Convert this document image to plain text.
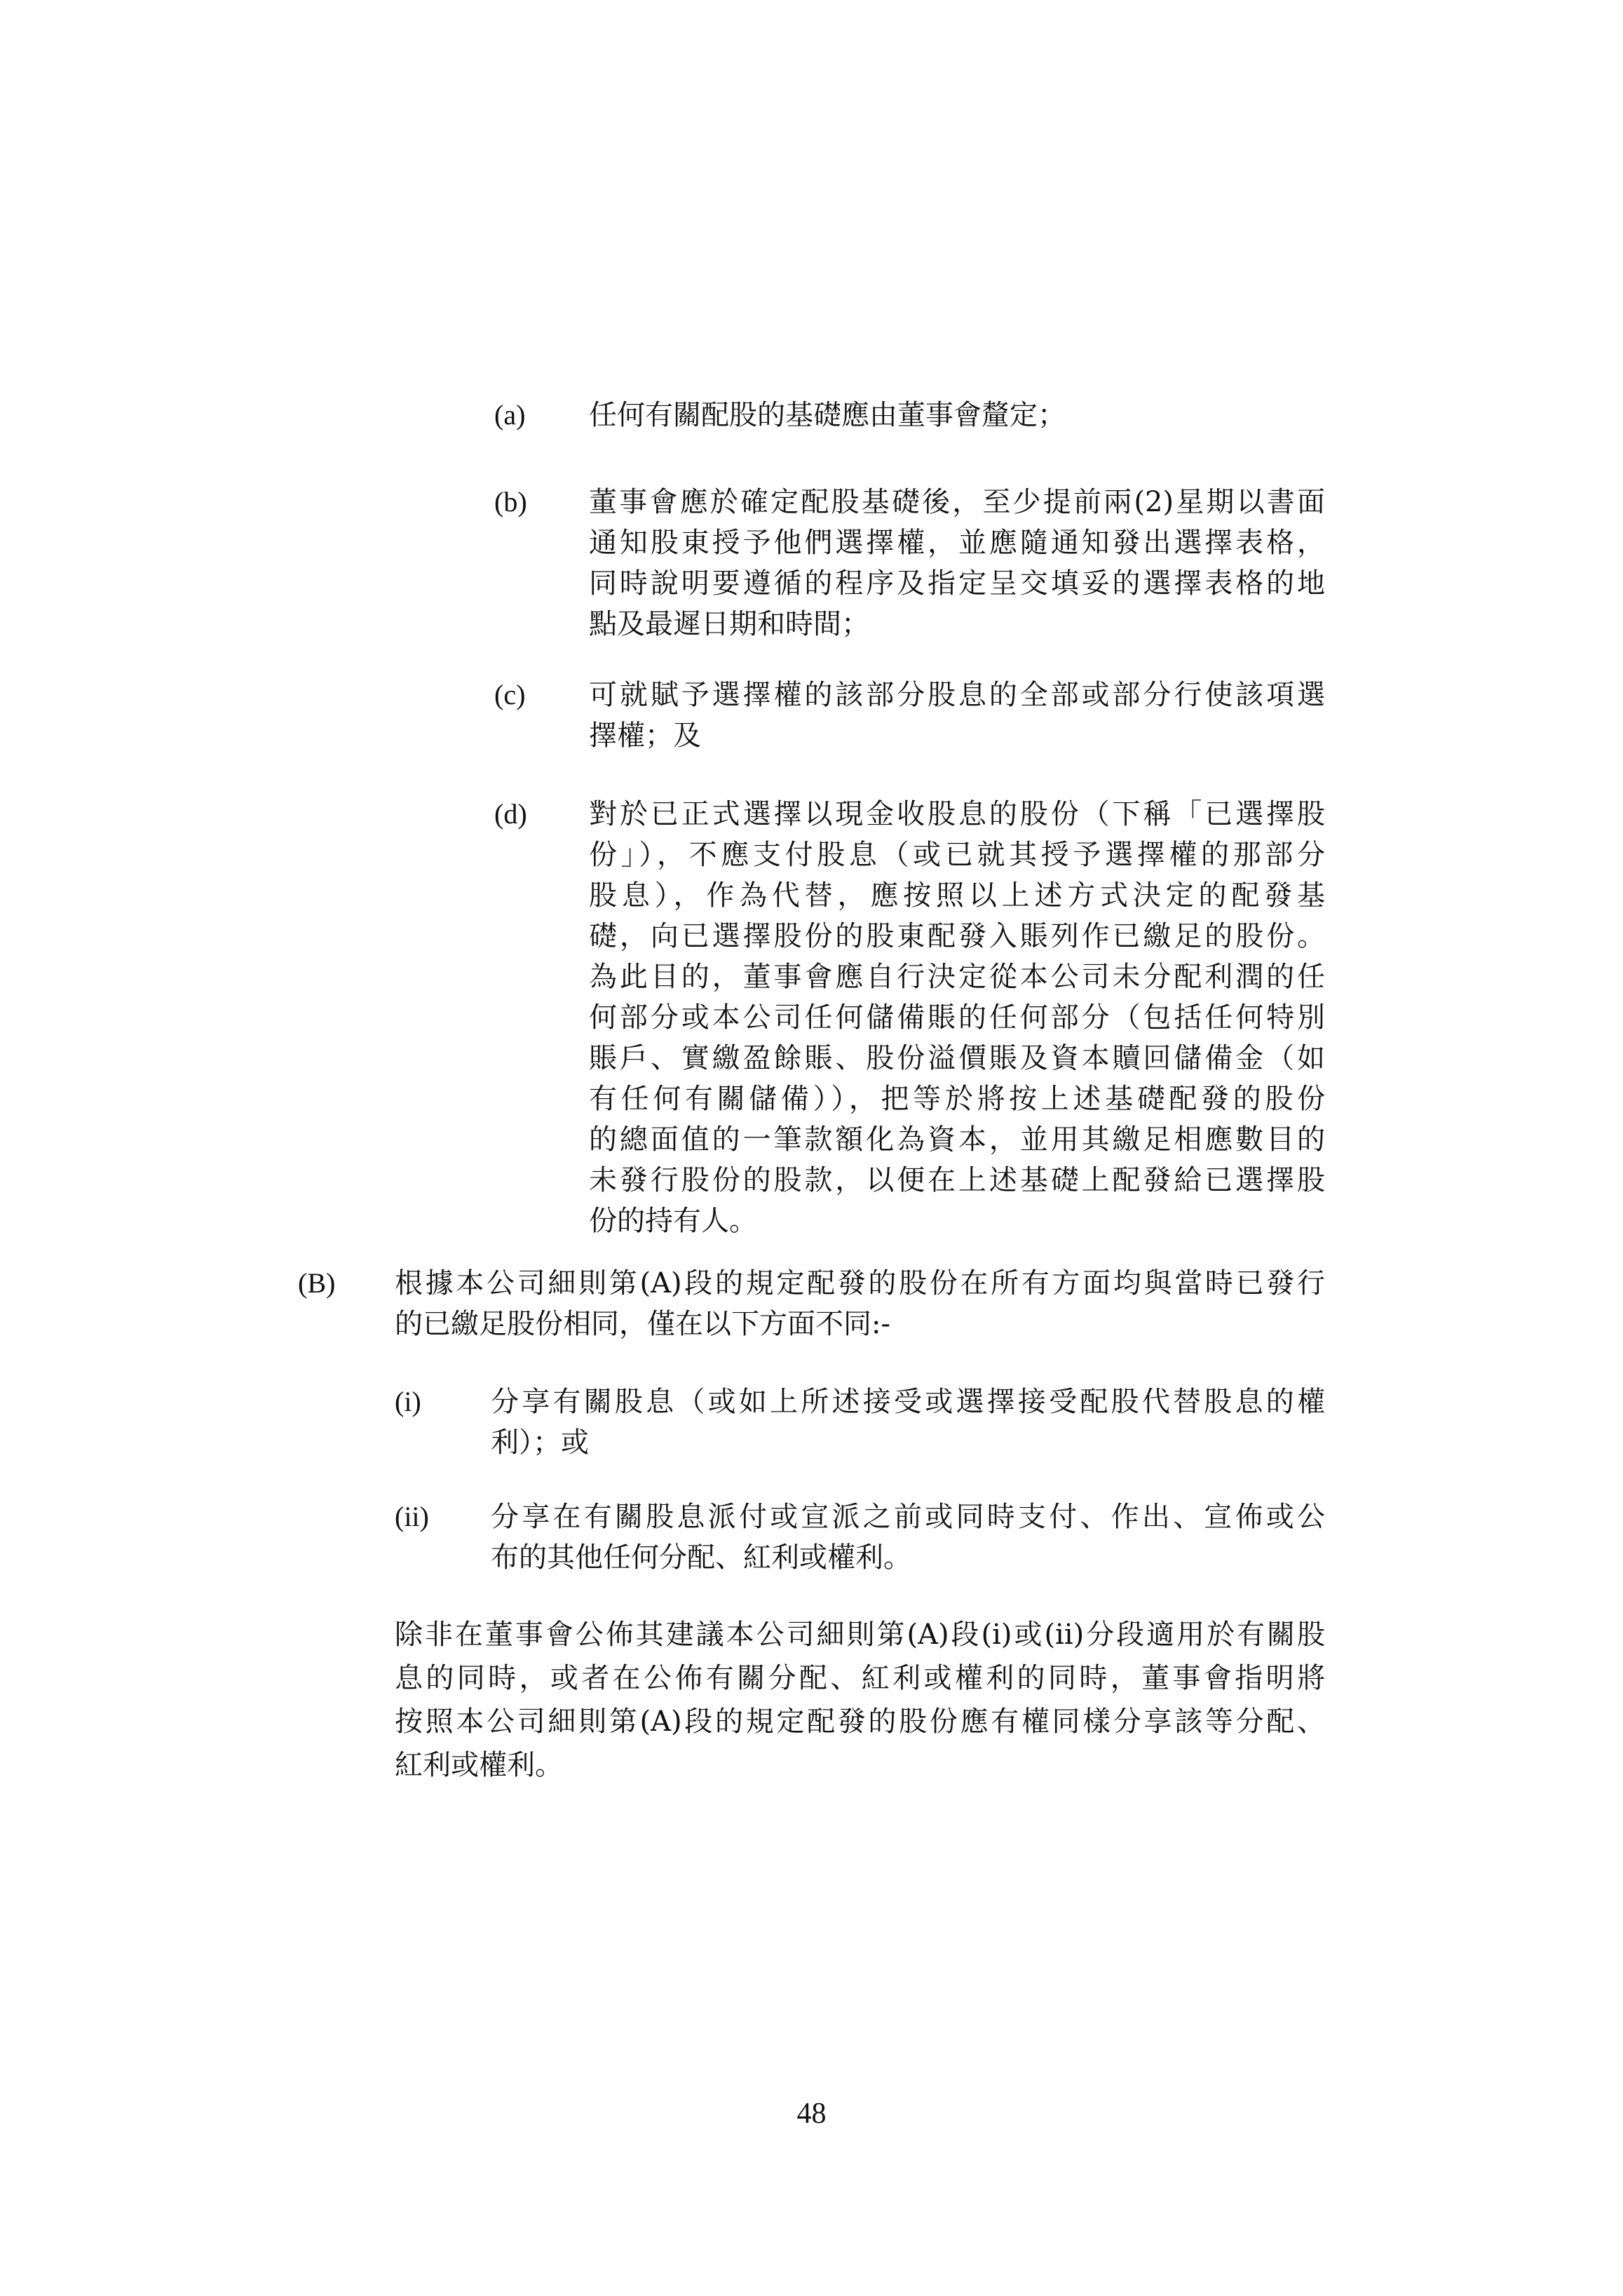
(a) 任何有關配股的基礎應由董事會釐定；
(b) 董事會應於確定配股基礎後，至少提前兩(2)星期以書面
通知股東授予他們選擇權，並應隨通知發出選擇表格，
同時說明要遵循的程序及指定呈交填妥的選擇表格的地
點及最遲日期和時間；
(c) 可就賦予選擇權的該部分股息的全部或部分行使該項選
擇權；及
(d) 對於已正式選擇以現金收股息的股份（下稱「已選擇股
份」），不應支付股息（或已就其授予選擇權的那部分
股息），作為代替，應按照以上述方式決定的配發基
礎，向已選擇股份的股東配發入賬列作已繳足的股份。
為此目的，董事會應自行決定從本公司未分配利潤的任
何部分或本公司任何儲備賬的任何部分（包括任何特別
賬戶、實繳盈餘賬、股份溢價賬及資本贖回儲備金（如
有任何有關儲備）），把等於將按上述基礎配發的股份
的總面值的一筆款額化為資本，並用其繳足相應數目的
未發行股份的股款，以便在上述基礎上配發給已選擇股
份的持有人。
(B) 根據本公司細則第(A)段的規定配發的股份在所有方面均與當時已發行
的已繳足股份相同，僅在以下方面不同:-
(i) 分享有關股息（或如上所述接受或選擇接受配股代替股息的權
利）；或
(ii) 分享在有關股息派付或宣派之前或同時支付、作出、宣佈或公
布的其他任何分配、紅利或權利。
除非在董事會公佈其建議本公司細則第(A)段(i)或(ii)分段適用於有關股
息的同時，或者在公佈有關分配、紅利或權利的同時，董事會指明將
按照本公司細則第(A)段的規定配發的股份應有權同樣分享該等分配、
紅利或權利。
48
